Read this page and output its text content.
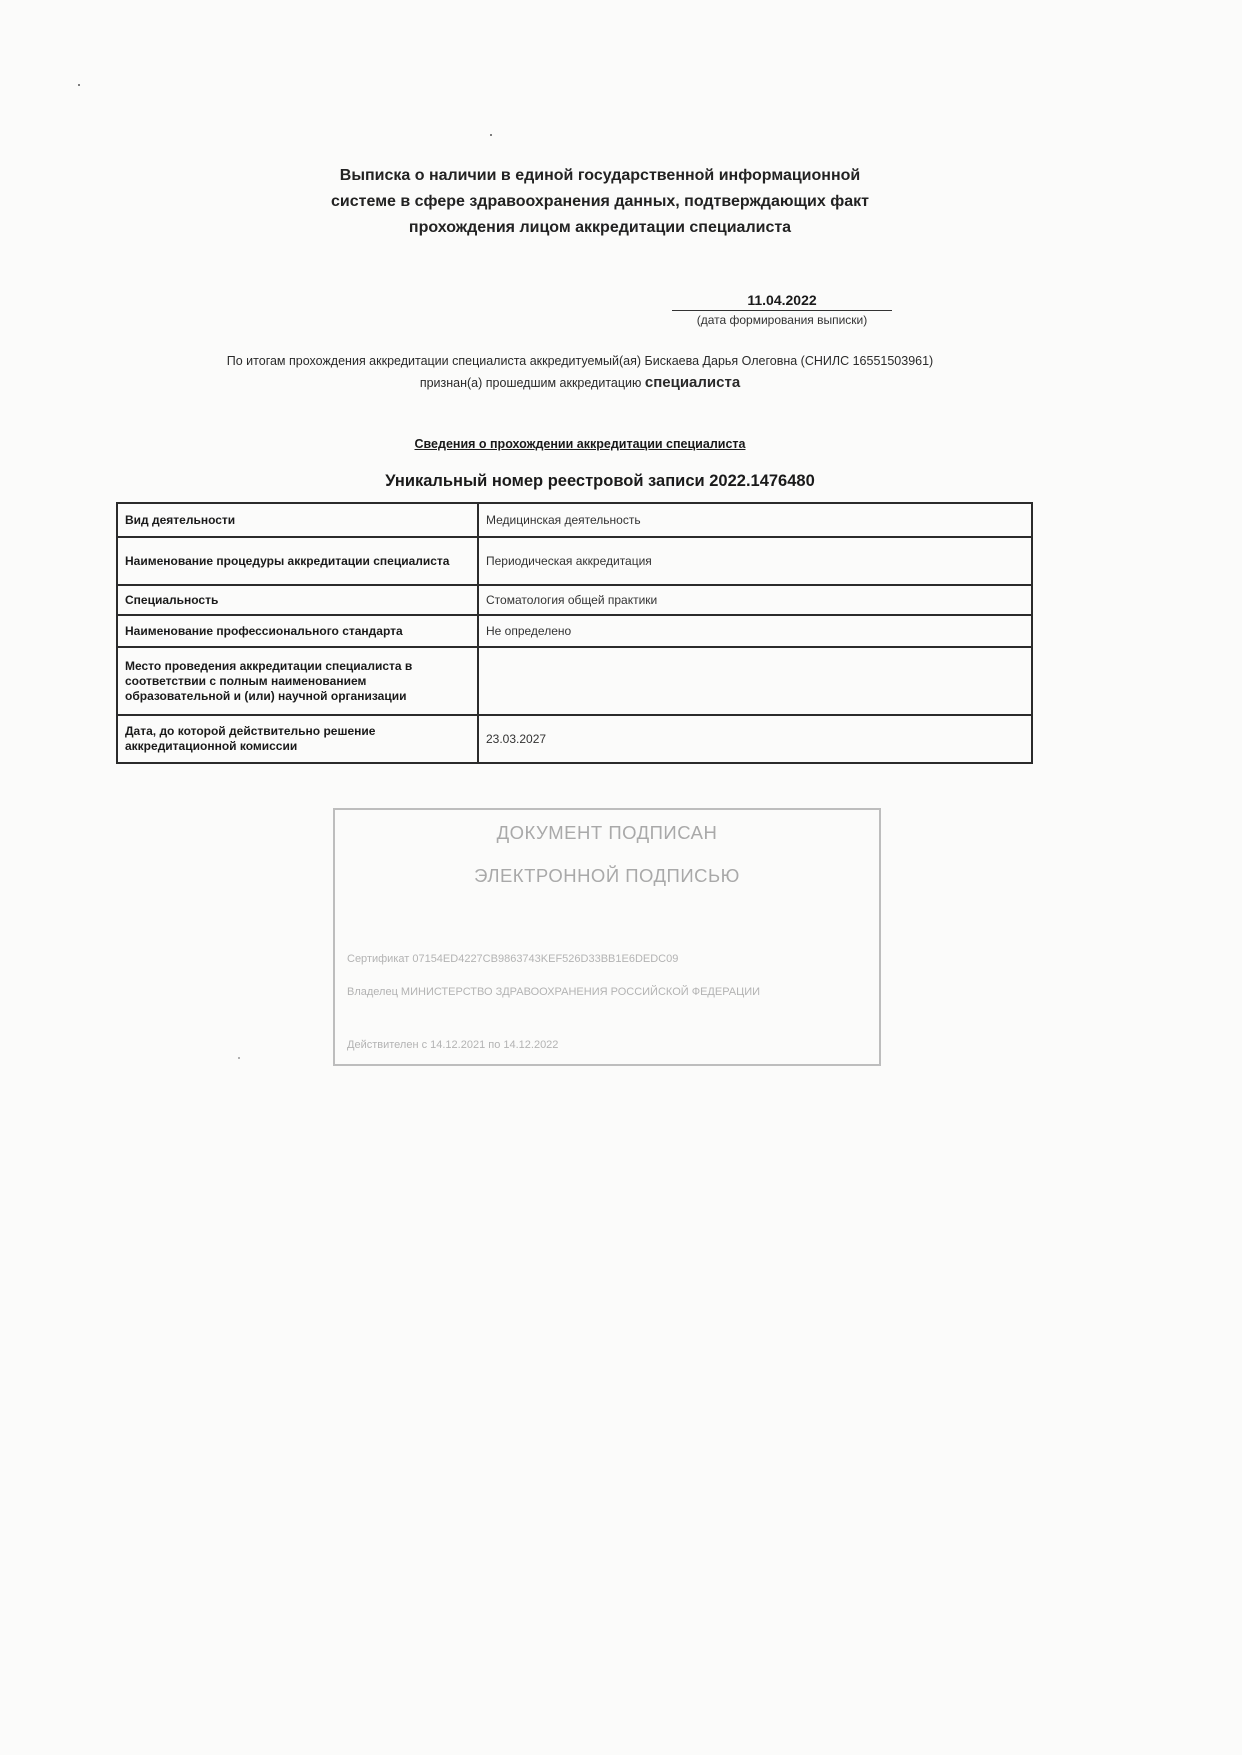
Выписка о наличии в единой государственной информационной
системе в сфере здравоохранения данных, подтверждающих факт
прохождения лицом аккредитации специалиста
11.04.2022
(дата формирования выписки)
По итогам прохождения аккредитации специалиста аккредитуемый(ая) Бискаева Дарья Олеговна (СНИЛС 16551503961)
признан(а) прошедшим аккредитацию специалиста
Сведения о прохождении аккредитации специалиста
Уникальный номер реестровой записи 2022.1476480
Вид деятельности	Медицинская деятельность
Наименование процедуры аккредитации специалиста	Периодическая аккредитация
Специальность	Стоматология общей практики
Наименование профессионального стандарта	Не определено
Место проведения аккредитации специалиста в соответствии с полным наименованием образовательной и (или) научной организации	
Дата, до которой действительно решение аккредитационной комиссии	23.03.2027
ДОКУМЕНТ ПОДПИСАН
ЭЛЕКТРОННОЙ ПОДПИСЬЮ
Сертификат 07154ED4227CB9863743KEF526D33BB1E6DEDC09
Владелец МИНИСТЕРСТВО ЗДРАВООХРАНЕНИЯ РОССИЙСКОЙ ФЕДЕРАЦИИ
Действителен с 14.12.2021 по 14.12.2022
